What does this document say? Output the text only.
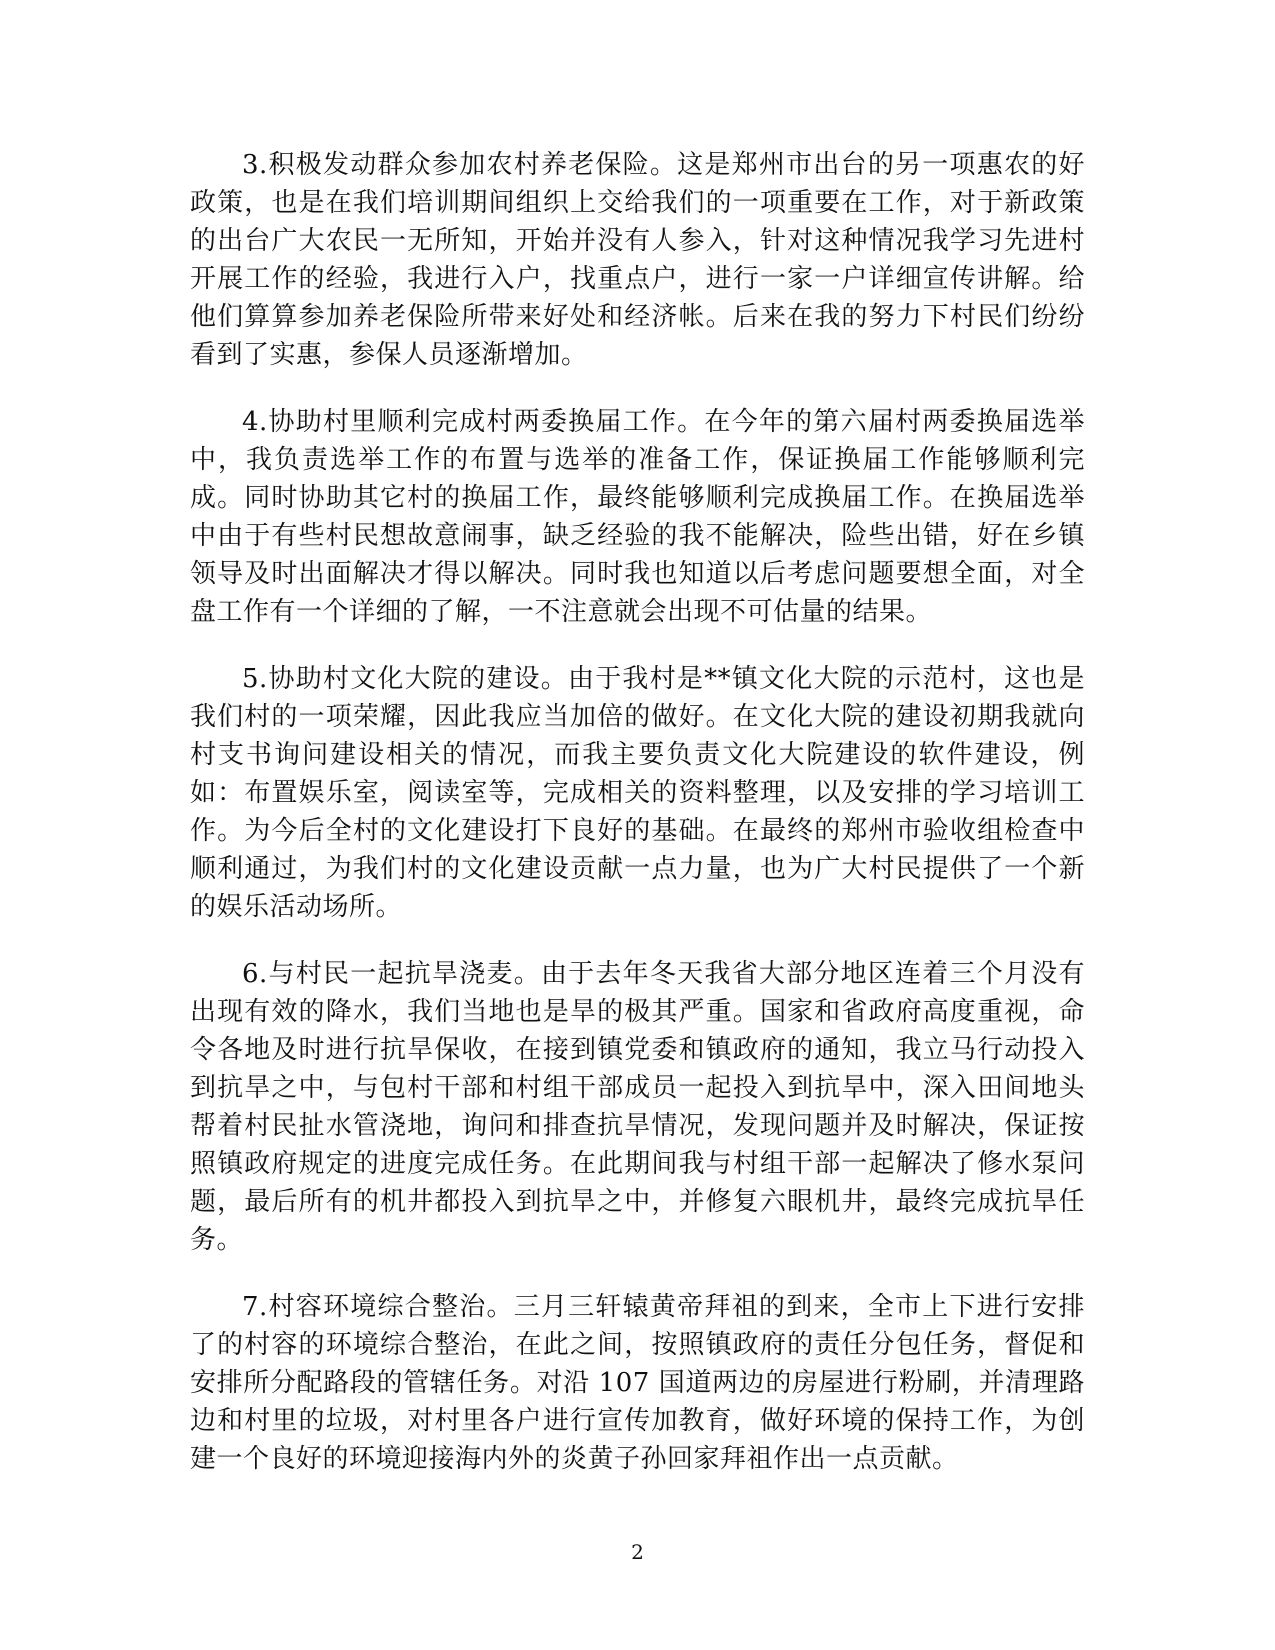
3.积极发动群众参加农村养老保险。这是郑州市出台的另一项惠农的好政策，也是在我们培训期间组织上交给我们的一项重要在工作，对于新政策的出台广大农民一无所知，开始并没有人参入，针对这种情况我学习先进村开展工作的经验，我进行入户，找重点户，进行一家一户详细宣传讲解。给他们算算参加养老保险所带来好处和经济帐。后来在我的努力下村民们纷纷看到了实惠，参保人员逐渐增加。

4.协助村里顺利完成村两委换届工作。在今年的第六届村两委换届选举中，我负责选举工作的布置与选举的准备工作，保证换届工作能够顺利完成。同时协助其它村的换届工作，最终能够顺利完成换届工作。在换届选举中由于有些村民想故意闹事，缺乏经验的我不能解决，险些出错，好在乡镇领导及时出面解决才得以解决。同时我也知道以后考虑问题要想全面，对全盘工作有一个详细的了解，一不注意就会出现不可估量的结果。

5.协助村文化大院的建设。由于我村是**镇文化大院的示范村，这也是我们村的一项荣耀，因此我应当加倍的做好。在文化大院的建设初期我就向村支书询问建设相关的情况，而我主要负责文化大院建设的软件建设，例如：布置娱乐室，阅读室等，完成相关的资料整理，以及安排的学习培训工作。为今后全村的文化建设打下良好的基础。在最终的郑州市验收组检查中顺利通过，为我们村的文化建设贡献一点力量，也为广大村民提供了一个新的娱乐活动场所。

6.与村民一起抗旱浇麦。由于去年冬天我省大部分地区连着三个月没有出现有效的降水，我们当地也是旱的极其严重。国家和省政府高度重视，命令各地及时进行抗旱保收，在接到镇党委和镇政府的通知，我立马行动投入到抗旱之中，与包村干部和村组干部成员一起投入到抗旱中，深入田间地头帮着村民扯水管浇地，询问和排查抗旱情况，发现问题并及时解决，保证按照镇政府规定的进度完成任务。在此期间我与村组干部一起解决了修水泵问题，最后所有的机井都投入到抗旱之中，并修复六眼机井，最终完成抗旱任务。

7.村容环境综合整治。三月三轩辕黄帝拜祖的到来，全市上下进行安排了的村容的环境综合整治，在此之间，按照镇政府的责任分包任务，督促和安排所分配路段的管辖任务。对沿 107 国道两边的房屋进行粉刷，并清理路边和村里的垃圾，对村里各户进行宣传加教育，做好环境的保持工作，为创建一个良好的环境迎接海内外的炎黄子孙回家拜祖作出一点贡献。

2
